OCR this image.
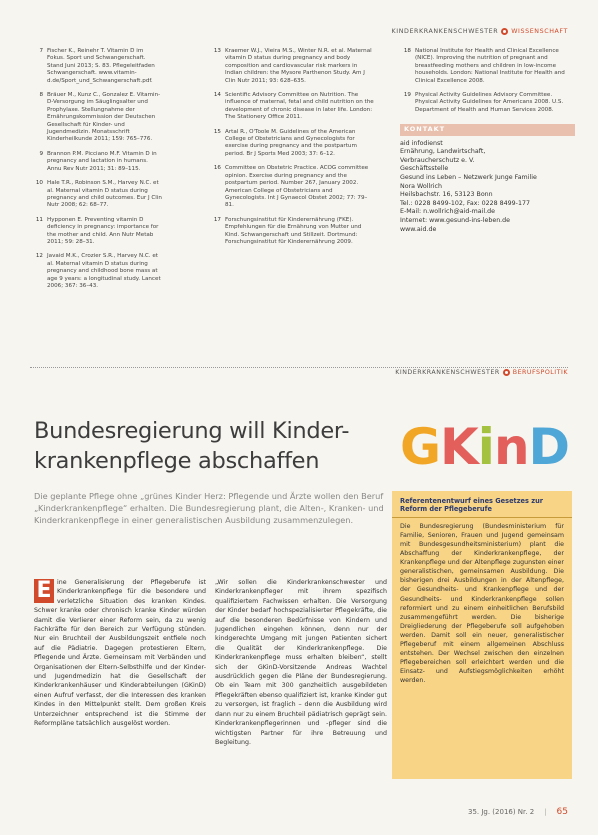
KINDERKRANKENSCHWESTER WISSENSCHAFT
7 Fischer K., Reinehr T. Vitamin D im Fokus. Sport und Schwangerschaft. Stand Juni 2013; S. 83. Pflegeleitfaden Schwangerschaft. www.vitamin-d.de/Sport_und_Schwangerschaft.pdf.
8 Bräuer M., Kunz C., Gonzalez E. Vitamin-D-Versorgung im Säuglingsalter und Prophylaxe. Stellungnahme der Ernährungskommission der Deutschen Gesellschaft für Kinder- und Jugendmedizin. Monatsschrift Kinderheilkunde 2011; 159: 765–776.
9 Brannon P.M. Picciano M.F. Vitamin D in pregnancy and lactation in humans. Annu Rev Nutr 2011; 31: 89–115.
10 Hale T.R., Robinson S.M., Harvey N.C. et al. Maternal vitamin D status during pregnancy and child outcomes. Eur J Clin Nutr 2008; 62: 68–77.
11 Hypponen E. Preventing vitamin D deficiency in pregnancy: importance for the mother and child. Ann Nutr Metab 2011; 59: 28–31.
12 Javaid M.K., Crozier S.R., Harvey N.C. et al. Maternal vitamin D status during pregnancy and childhood bone mass at age 9 years: a longitudinal study. Lancet 2006; 367: 36–43.
13 Kraemer W.J., Vieira M.S., Winter N.R. et al. Maternal vitamin D status during pregnancy and body composition and cardiovascular risk markers in Indian children: the Mysore Parthenon Study. Am J Clin Nutr 2011; 93: 628–635.
14 Scientific Advisory Committee on Nutrition. The influence of maternal, fetal and child nutrition on the development of chronic disease in later life. London: The Stationery Office 2011.
15 Artal R., O'Toole M. Guidelines of the American College of Obstetricians and Gynecologists for exercise during pregnancy and the postpartum period. Br J Sports Med 2003; 37: 6–12.
16 Committee on Obstetric Practice. ACOG committee opinion. Exercise during pregnancy and the postpartum period. Number 267, January 2002. American College of Obstetricians and Gynecologists. Int J Gynaecol Obstet 2002; 77: 79–81.
17 Forschungsinstitut für Kinderernährung (FKE). Empfehlungen für die Ernährung von Mutter und Kind. Schwangerschaft und Stillzeit. Dortmund: Forschungsinstitut für Kinderernährung 2009.
18 National Institute for Health and Clinical Excellence (NICE). Improving the nutrition of pregnant and breastfeeding mothers and children in low-income households. London: National Institute for Health and Clinical Excellence 2008.
19 Physical Activity Guidelines Advisory Committee. Physical Activity Guidelines for Americans 2008. U.S. Department of Health and Human Services 2008.
KONTAKT
aid infodienst
Ernährung, Landwirtschaft,
Verbraucherschutz e. V.
Geschäftsstelle
Gesund ins Leben – Netzwerk Junge Familie
Nora Wollrich
Heilsbachstr. 16, 53123 Bonn
Tel.: 0228 8499-102, Fax: 0228 8499-177
E-Mail: n.wollrich@aid-mail.de
Internet: www.gesund-ins-leben.de
www.aid.de
KINDERKRANKENSCHWESTER BERUFSPOLITIK
Bundesregierung will Kinder-
krankenpflege abschaffen	GKinD
Die geplante Pflege ohne „grünes Kinder Herz: Pflegende und Ärzte wollen den Beruf „Kinderkrankenpflege“ erhalten. Die Bundesregierung plant, die Alten-, Kranken- und Kinderkrankenpflege in einer generalistischen Ausbildung zusammenzulegen.
E ine Generalisierung der Pflegeberufe ist Kinderkrankenpflege für die besondere und verletzliche Situation des kranken Kindes. Schwer kranke oder chronisch kranke Kinder würden damit die Verlierer einer Reform sein, da zu wenig Fachkräfte für den Bereich zur Verfügung stünden. Nur ein Bruchteil der Ausbildungszeit entfiele noch auf die Pädiatrie. Dagegen protestieren Eltern, Pflegende und Ärzte. Gemeinsam mit Verbänden und Organisationen der Eltern-Selbsthilfe und der Kinder- und Jugendmedizin hat die Gesellschaft der Kinderkrankenhäuser und Kinderabteilungen (GKinD) einen Aufruf verfasst, der die Interessen des kranken Kindes in den Mittelpunkt stellt. Dem großen Kreis Unterzeichner entsprechend ist die Stimme der Reformpläne tatsächlich ausgelöst worden.
„Wir sollen die Kinderkrankenschwester und Kinderkrankenpfleger mit ihrem spezifisch qualifiziertem Fachwissen erhalten. Die Versorgung der Kinder bedarf hochspezialisierter Pflegekräfte, die auf die besonderen Bedürfnisse von Kindern und Jugendlichen eingehen können, denn nur der kindgerechte Umgang mit jungen Patienten sichert die Qualität der Kinderkrankenpflege. Die Kinderkrankenpflege muss erhalten bleiben“, stellt sich der GKinD-Vorsitzende Andreas Wachtel ausdrücklich gegen die Pläne der Bundesregierung. Ob ein Team mit 300 ganzheitlich ausgebildeten Pflegekräften ebenso qualifiziert ist, kranke Kinder gut zu versorgen, ist fraglich – denn die Ausbildung wird dann nur zu einem Bruchteil pädiatrisch geprägt sein. Kinderkrankenpflegerinnen und -pfleger sind die wichtigsten Partner für ihre Betreuung und Begleitung.
Referentenentwurf eines Gesetzes zur Reform der Pflegeberufe
Die Bundesregierung (Bundesministerium für Familie, Senioren, Frauen und Jugend gemeinsam mit Bundesgesundheitsministerium) plant die Abschaffung der Kinderkrankenpflege, der Krankenpflege und der Altenpflege zugunsten einer generalistischen, gemeinsamen Ausbildung. Die bisherigen drei Ausbildungen in der Altenpflege, der Gesundheits- und Krankenpflege und der Gesundheits- und Kinderkrankenpflege sollen reformiert und zu einem einheitlichen Berufsbild zusammengeführt werden. Die bisherige Dreigliederung der Pflegeberufe soll aufgehoben werden. Damit soll ein neuer, generalistischer Pflegeberuf mit einem allgemeinen Abschluss entstehen. Der Wechsel zwischen den einzelnen Pflegebereichen soll erleichtert werden und die Einsatz- und Aufstiegsmöglichkeiten erhöht werden.
35. Jg. (2016) Nr. 2 | 65
